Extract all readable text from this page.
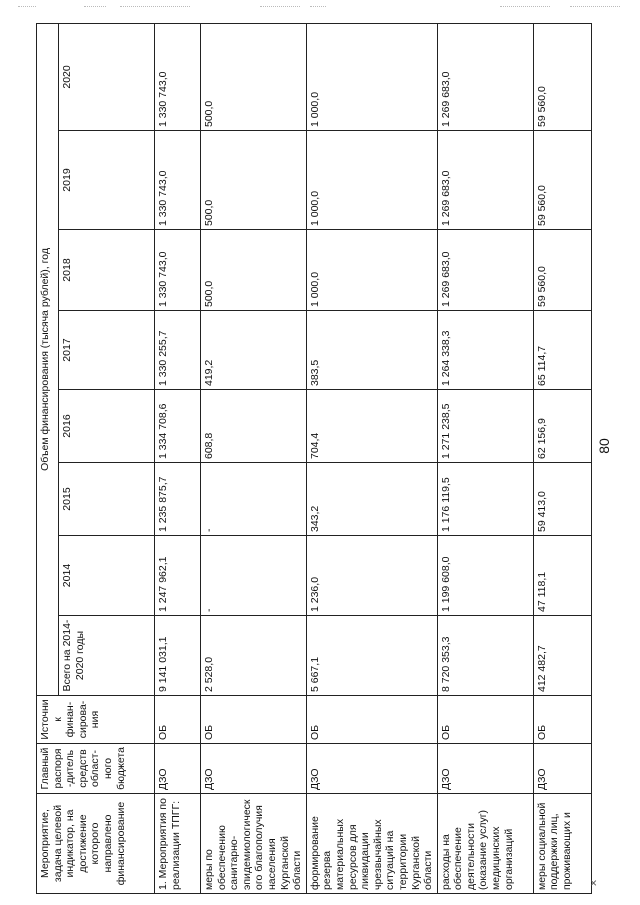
80
Мероприятие, задача целевой индикатор, на достижение которого направлено финансирование	Главный распоря-дитель средств област-ного бюджета	Источник финан-сирова-ния	Объем финансирования (тысяча рублей), год							
			Всего на 2014-2020 годы	2014	2015	2016	2017	2018	2019	2020
1. Мероприятия по реализации ТПГГ:	ДЗО	ОБ	9 141 031,1	1 247 962,1	1 235 875,7	1 334 708,6	1 330 255,7	1 330 743,0	1 330 743,0	1 330 743,0
меры по обеспечению санитарно-эпидемиологического благополучия населения Курганской области	ДЗО	ОБ	2 528,0	-	-	608,8	419,2	500,0	500,0	500,0
формирование резерва материальных ресурсов для ликвидации чрезвычайных ситуаций на территории Курганской области	ДЗО	ОБ	5 667,1	1 236,0	343,2	704,4	383,5	1 000,0	1 000,0	1 000,0
расходы на обеспечение деятельности (оказание услуг) медицинских организаций	ДЗО	ОБ	8 720 353,3	1 199 608,0	1 176 119,5	1 271 238,5	1 264 338,3	1 269 683,0	1 269 683,0	1 269 683,0
меры социальной поддержки лиц, проживающих и	ДЗО	ОБ	412 482,7	47 118,1	59 413,0	62 156,9	65 114,7	59 560,0	59 560,0	59 560,0
×
